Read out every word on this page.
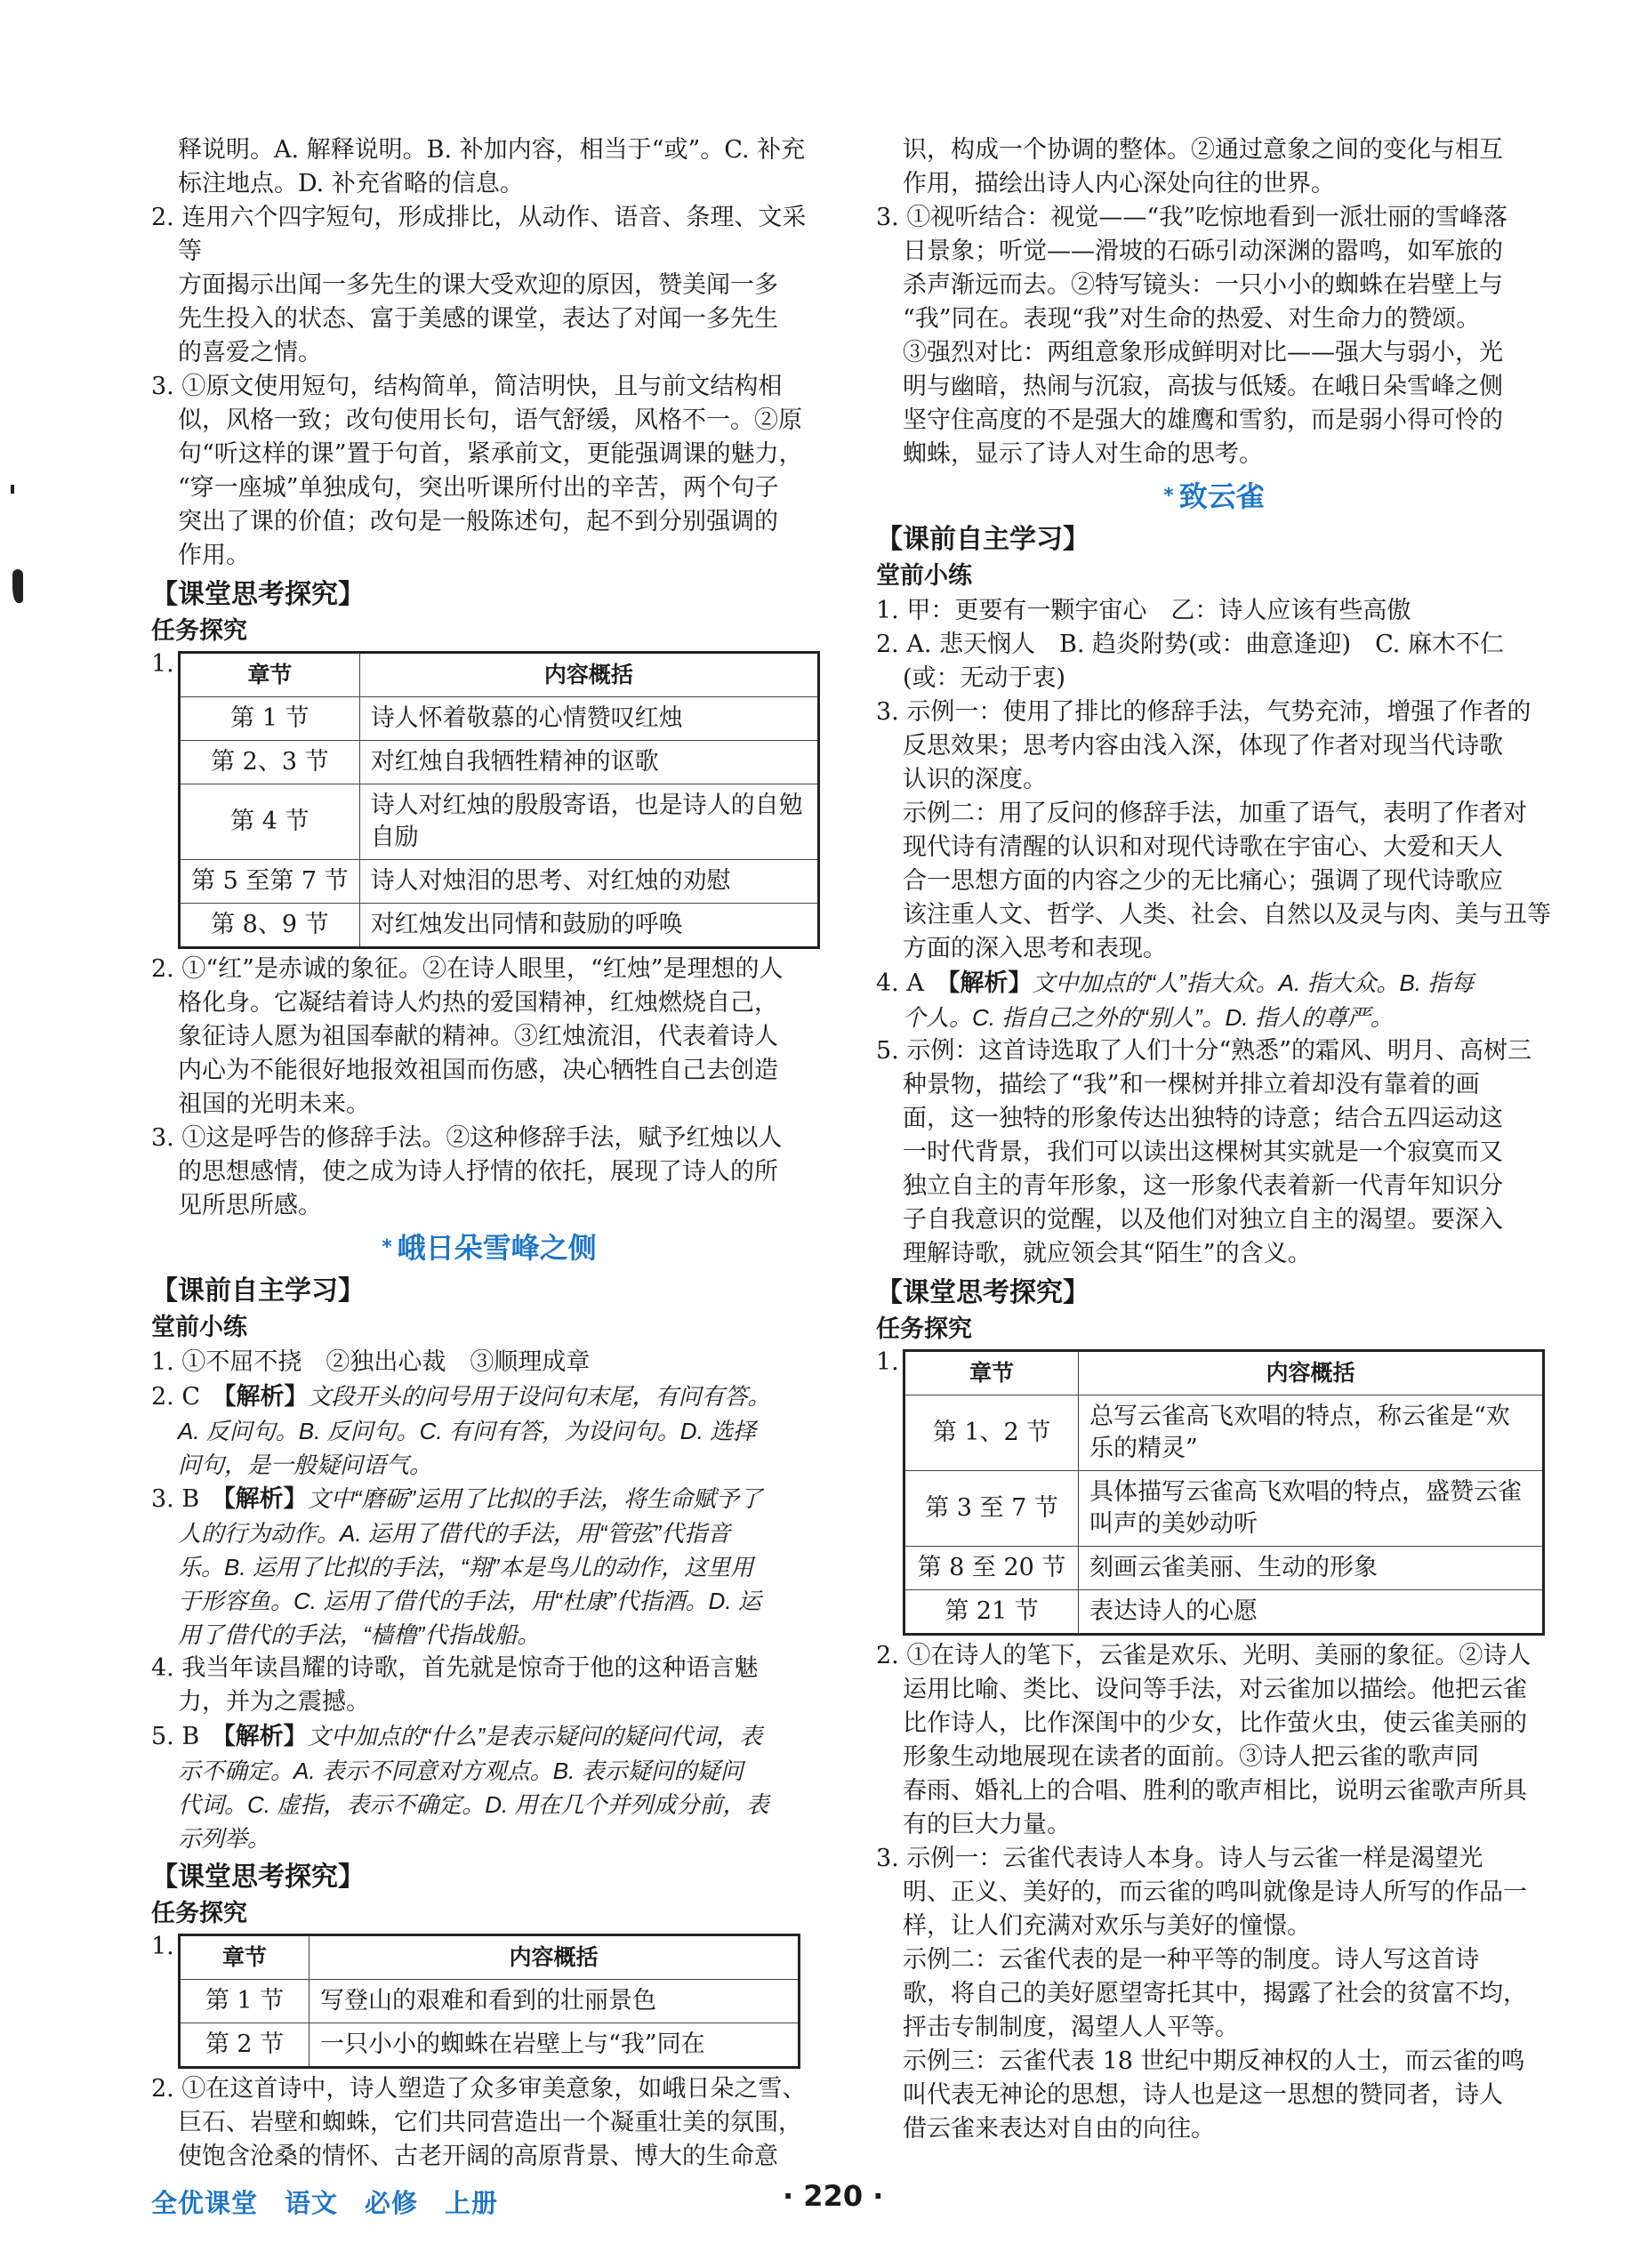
释说明。A. 解释说明。B. 补加内容，相当于“或”。C. 补充

标注地点。D. 补充省略的信息。

2. 连用六个四字短句，形成排比，从动作、语音、条理、文采等

方面揭示出闻一多先生的课大受欢迎的原因，赞美闻一多

先生投入的状态、富于美感的课堂，表达了对闻一多先生

的喜爱之情。

3. ①原文使用短句，结构简单，简洁明快，且与前文结构相

似，风格一致；改句使用长句，语气舒缓，风格不一。②原

句“听这样的课”置于句首，紧承前文，更能强调课的魅力，

“穿一座城”单独成句，突出听课所付出的辛苦，两个句子

突出了课的价值；改句是一般陈述句，起不到分别强调的

作用。

【课堂思考探究】
任务探究
1.	章节	内容概括
第 1 节	诗人怀着敬慕的心情赞叹红烛
第 2、3 节	对红烛自我牺牲精神的讴歌
第 4 节	诗人对红烛的殷殷寄语，也是诗人的自勉自励
第 5 至第 7 节	诗人对烛泪的思考、对红烛的劝慰
第 8、9 节	对红烛发出同情和鼓励的呼唤

2. ①“红”是赤诚的象征。②在诗人眼里，“红烛”是理想的人

格化身。它凝结着诗人灼热的爱国精神，红烛燃烧自己，

象征诗人愿为祖国奉献的精神。③红烛流泪，代表着诗人

内心为不能很好地报效祖国而伤感，决心牺牲自己去创造

祖国的光明未来。

3. ①这是呼告的修辞手法。②这种修辞手法，赋予红烛以人

的思想感情，使之成为诗人抒情的依托，展现了诗人的所

见所思所感。

* 峨日朵雪峰之侧
【课前自主学习】
堂前小练

1. ①不屈不挠　②独出心裁　③顺理成章

2. C　【解析】文段开头的问号用于设问句末尾，有问有答。

A. 反问句。B. 反问句。C. 有问有答，为设问句。D. 选择

问句，是一般疑问语气。

3. B　【解析】文中“磨砺”运用了比拟的手法，将生命赋予了

人的行为动作。A. 运用了借代的手法，用“管弦”代指音

乐。B. 运用了比拟的手法，“翔”本是鸟儿的动作，这里用

于形容鱼。C. 运用了借代的手法，用“杜康”代指酒。D. 运

用了借代的手法，“樯橹”代指战船。

4. 我当年读昌耀的诗歌，首先就是惊奇于他的这种语言魅

力，并为之震撼。

5. B　【解析】文中加点的“什么”是表示疑问的疑问代词，表

示不确定。A. 表示不同意对方观点。B. 表示疑问的疑问

代词。C. 虚指，表示不确定。D. 用在几个并列成分前，表

示列举。

【课堂思考探究】
任务探究
1. 章节	内容概括
第 1 节	写登山的艰难和看到的壮丽景色
第 2 节	一只小小的蜘蛛在岩壁上与“我”同在

2. ①在这首诗中，诗人塑造了众多审美意象，如峨日朵之雪、

巨石、岩壁和蜘蛛，它们共同营造出一个凝重壮美的氛围，

使饱含沧桑的情怀、古老开阔的高原背景、博大的生命意

识，构成一个协调的整体。②通过意象之间的变化与相互

作用，描绘出诗人内心深处向往的世界。

3. ①视听结合：视觉——“我”吃惊地看到一派壮丽的雪峰落

日景象；听觉——滑坡的石砾引动深渊的嚣鸣，如军旅的

杀声渐远而去。②特写镜头：一只小小的蜘蛛在岩壁上与

“我”同在。表现“我”对生命的热爱、对生命力的赞颂。

③强烈对比：两组意象形成鲜明对比——强大与弱小，光

明与幽暗，热闹与沉寂，高拔与低矮。在峨日朵雪峰之侧

坚守住高度的不是强大的雄鹰和雪豹，而是弱小得可怜的

蜘蛛，显示了诗人对生命的思考。

* 致云雀
【课前自主学习】
堂前小练

1. 甲：更要有一颗宇宙心　乙：诗人应该有些高傲

2. A. 悲天悯人　B. 趋炎附势(或：曲意逢迎)　C. 麻木不仁

(或：无动于衷)

3. 示例一：使用了排比的修辞手法，气势充沛，增强了作者的

反思效果；思考内容由浅入深，体现了作者对现当代诗歌

认识的深度。

示例二：用了反问的修辞手法，加重了语气，表明了作者对

现代诗有清醒的认识和对现代诗歌在宇宙心、大爱和天人

合一思想方面的内容之少的无比痛心；强调了现代诗歌应

该注重人文、哲学、人类、社会、自然以及灵与肉、美与丑等

方面的深入思考和表现。

4. A　【解析】文中加点的“人”指大众。A. 指大众。B. 指每

个人。C. 指自己之外的“别人”。D. 指人的尊严。

5. 示例：这首诗选取了人们十分“熟悉”的霜风、明月、高树三

种景物，描绘了“我”和一棵树并排立着却没有靠着的画

面，这一独特的形象传达出独特的诗意；结合五四运动这

一时代背景，我们可以读出这棵树其实就是一个寂寞而又

独立自主的青年形象，这一形象代表着新一代青年知识分

子自我意识的觉醒，以及他们对独立自主的渴望。要深入

理解诗歌，就应领会其“陌生”的含义。

【课堂思考探究】
任务探究
1.	章节	内容概括
第 1、2 节	总写云雀高飞欢唱的特点，称云雀是“欢乐的精灵”
第 3 至 7 节	具体描写云雀高飞欢唱的特点，盛赞云雀叫声的美妙动听
第 8 至 20 节	刻画云雀美丽、生动的形象
第 21 节	表达诗人的心愿

2. ①在诗人的笔下，云雀是欢乐、光明、美丽的象征。②诗人

运用比喻、类比、设问等手法，对云雀加以描绘。他把云雀

比作诗人，比作深闺中的少女，比作萤火虫，使云雀美丽的

形象生动地展现在读者的面前。③诗人把云雀的歌声同

春雨、婚礼上的合唱、胜利的歌声相比，说明云雀歌声所具

有的巨大力量。

3. 示例一：云雀代表诗人本身。诗人与云雀一样是渴望光

明、正义、美好的，而云雀的鸣叫就像是诗人所写的作品一

样，让人们充满对欢乐与美好的憧憬。

示例二：云雀代表的是一种平等的制度。诗人写这首诗

歌，将自己的美好愿望寄托其中，揭露了社会的贫富不均，

抨击专制制度，渴望人人平等。

示例三：云雀代表 18 世纪中期反神权的人士，而云雀的鸣

叫代表无神论的思想，诗人也是这一思想的赞同者，诗人

借云雀来表达对自由的向往。

全优课堂　语文　必修　上册	· 220 ·
